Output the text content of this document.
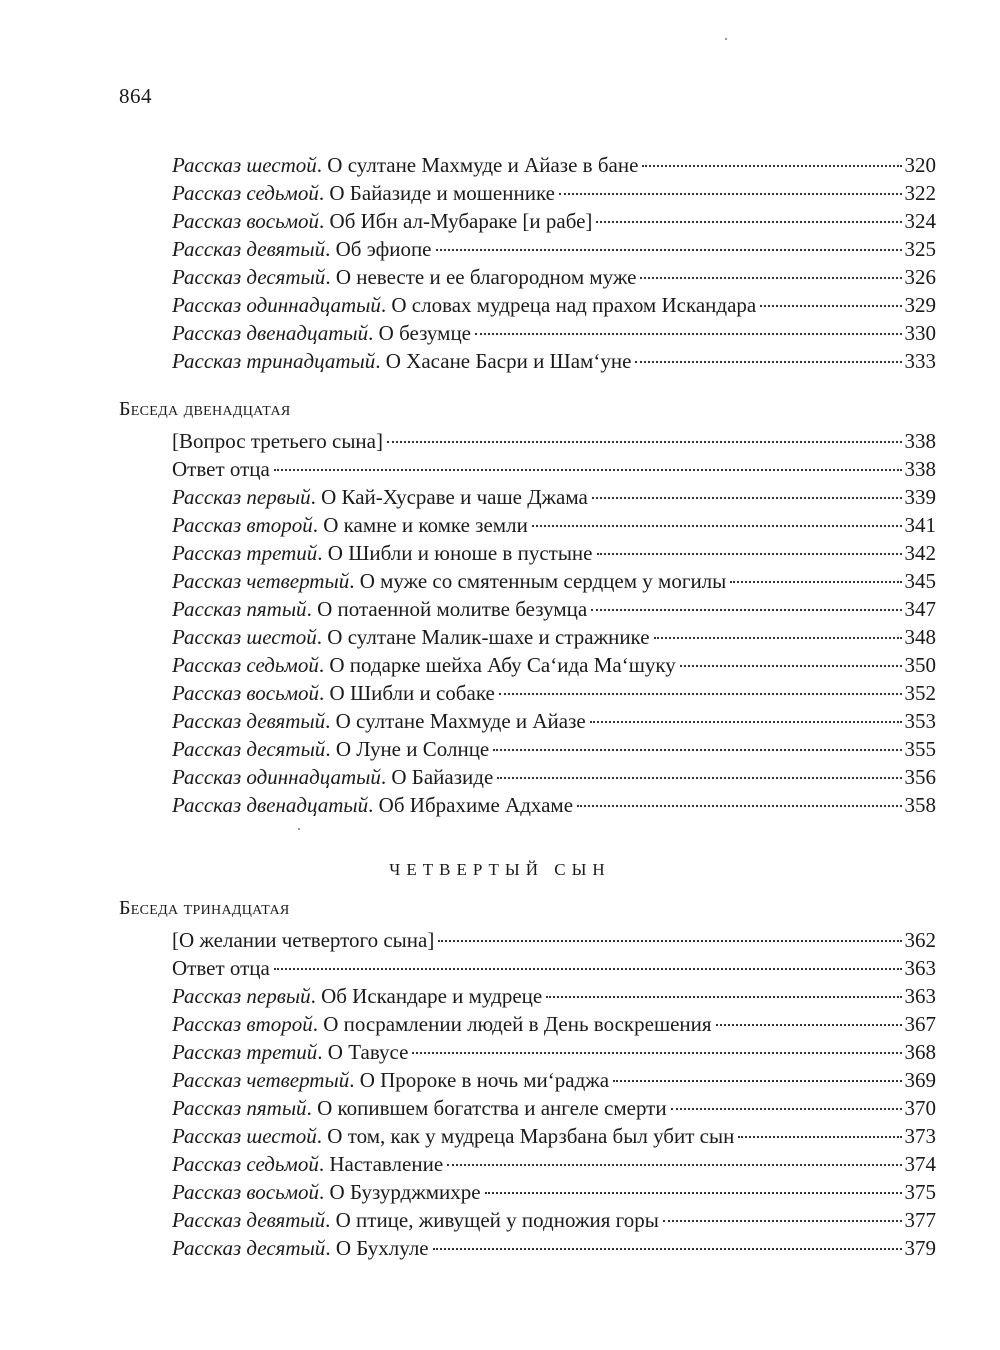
864
Рассказ шестой . О султане Махмуде и Айазе в бане	320
Рассказ седьмой . О Байазиде и мошеннике	322
Рассказ восьмой . Об Ибн ал-Мубараке [и рабе]	324
Рассказ девятый . Об эфиопе	325
Рассказ десятый . О невесте и ее благородном муже	326
Рассказ одиннадцатый . О словах мудреца над прахом Искандара	329
Рассказ двенадцатый . О безумце	330
Рассказ тринадцатый . О Хасане Басри и Шамʻуне	333
Беседа двенадцатая
[Вопрос третьего сына]	338
Ответ отца	338
Рассказ первый . О Кай-Хусраве и чаше Джама	339
Рассказ второй . О камне и комке земли	341
Рассказ третий . О Шибли и юноше в пустыне	342
Рассказ четвертый . О муже со смятенным сердцем у могилы	345
Рассказ пятый . О потаенной молитве безумца	347
Рассказ шестой . О султане Малик-шахе и стражнике	348
Рассказ седьмой . О подарке шейха Абу Саʻида Маʻшуку	350
Рассказ восьмой . О Шибли и собаке	352
Рассказ девятый . О султане Махмуде и Айазе	353
Рассказ десятый . О Луне и Солнце	355
Рассказ одиннадцатый . О Байазиде	356
Рассказ двенадцатый . Об Ибрахиме Адхаме	358
ЧЕТВЕРТЫЙ СЫН
Беседа тринадцатая
[О желании четвертого сына]	362
Ответ отца	363
Рассказ первый . Об Искандаре и мудреце	363
Рассказ второй . О посрамлении людей в День воскрешения	367
Рассказ третий . О Тавусе	368
Рассказ четвертый . О Пророке в ночь миʻраджа	369
Рассказ пятый . О копившем богатства и ангеле смерти	370
Рассказ шестой . О том, как у мудреца Марзбана был убит сын	373
Рассказ седьмой . Наставление	374
Рассказ восьмой . О Бузурджмихре	375
Рассказ девятый . О птице, живущей у подножия горы	377
Рассказ десятый . О Бухлуле	379
